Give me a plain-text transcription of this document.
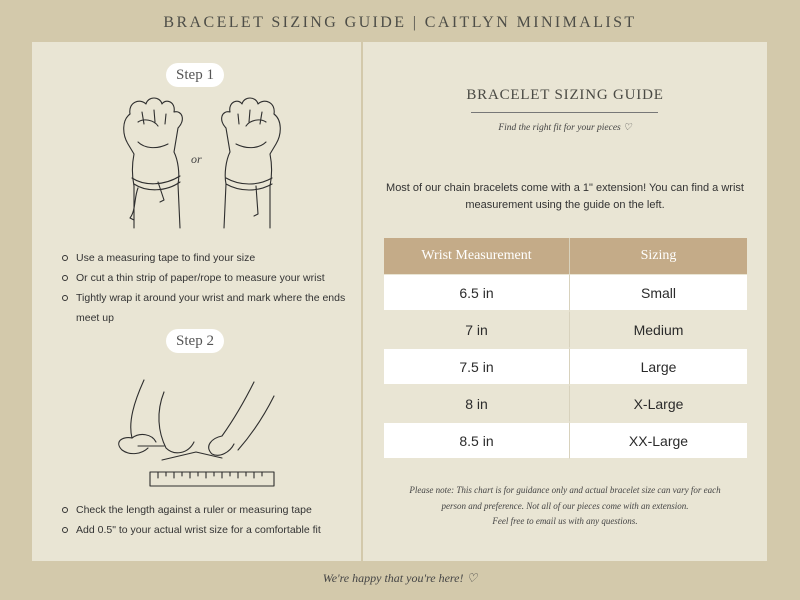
BRACELET SIZING GUIDE | CAITLYN MINIMALIST
Step 1
or
Use a measuring tape to find your size
Or cut a thin strip of paper/rope to measure your wrist
Tightly wrap it around your wrist and mark where the ends meet up
Step 2
Check the length against a ruler or measuring tape
Add 0.5" to your actual wrist size for a comfortable fit
BRACELET SIZING GUIDE
Find the right fit for your pieces ♡
Most of our chain bracelets come with a 1" extension! You can find a wrist measurement using the guide on the left.
Wrist Measurement	Sizing
6.5 in	Small
7 in	Medium
7.5 in	Large
8 in	X-Large
8.5 in	XX-Large
Please note: This chart is for guidance only and actual bracelet size can vary for each
person and preference. Not all of our pieces come with an extension.
Feel free to email us with any questions.
We're happy that you're here! ♡
